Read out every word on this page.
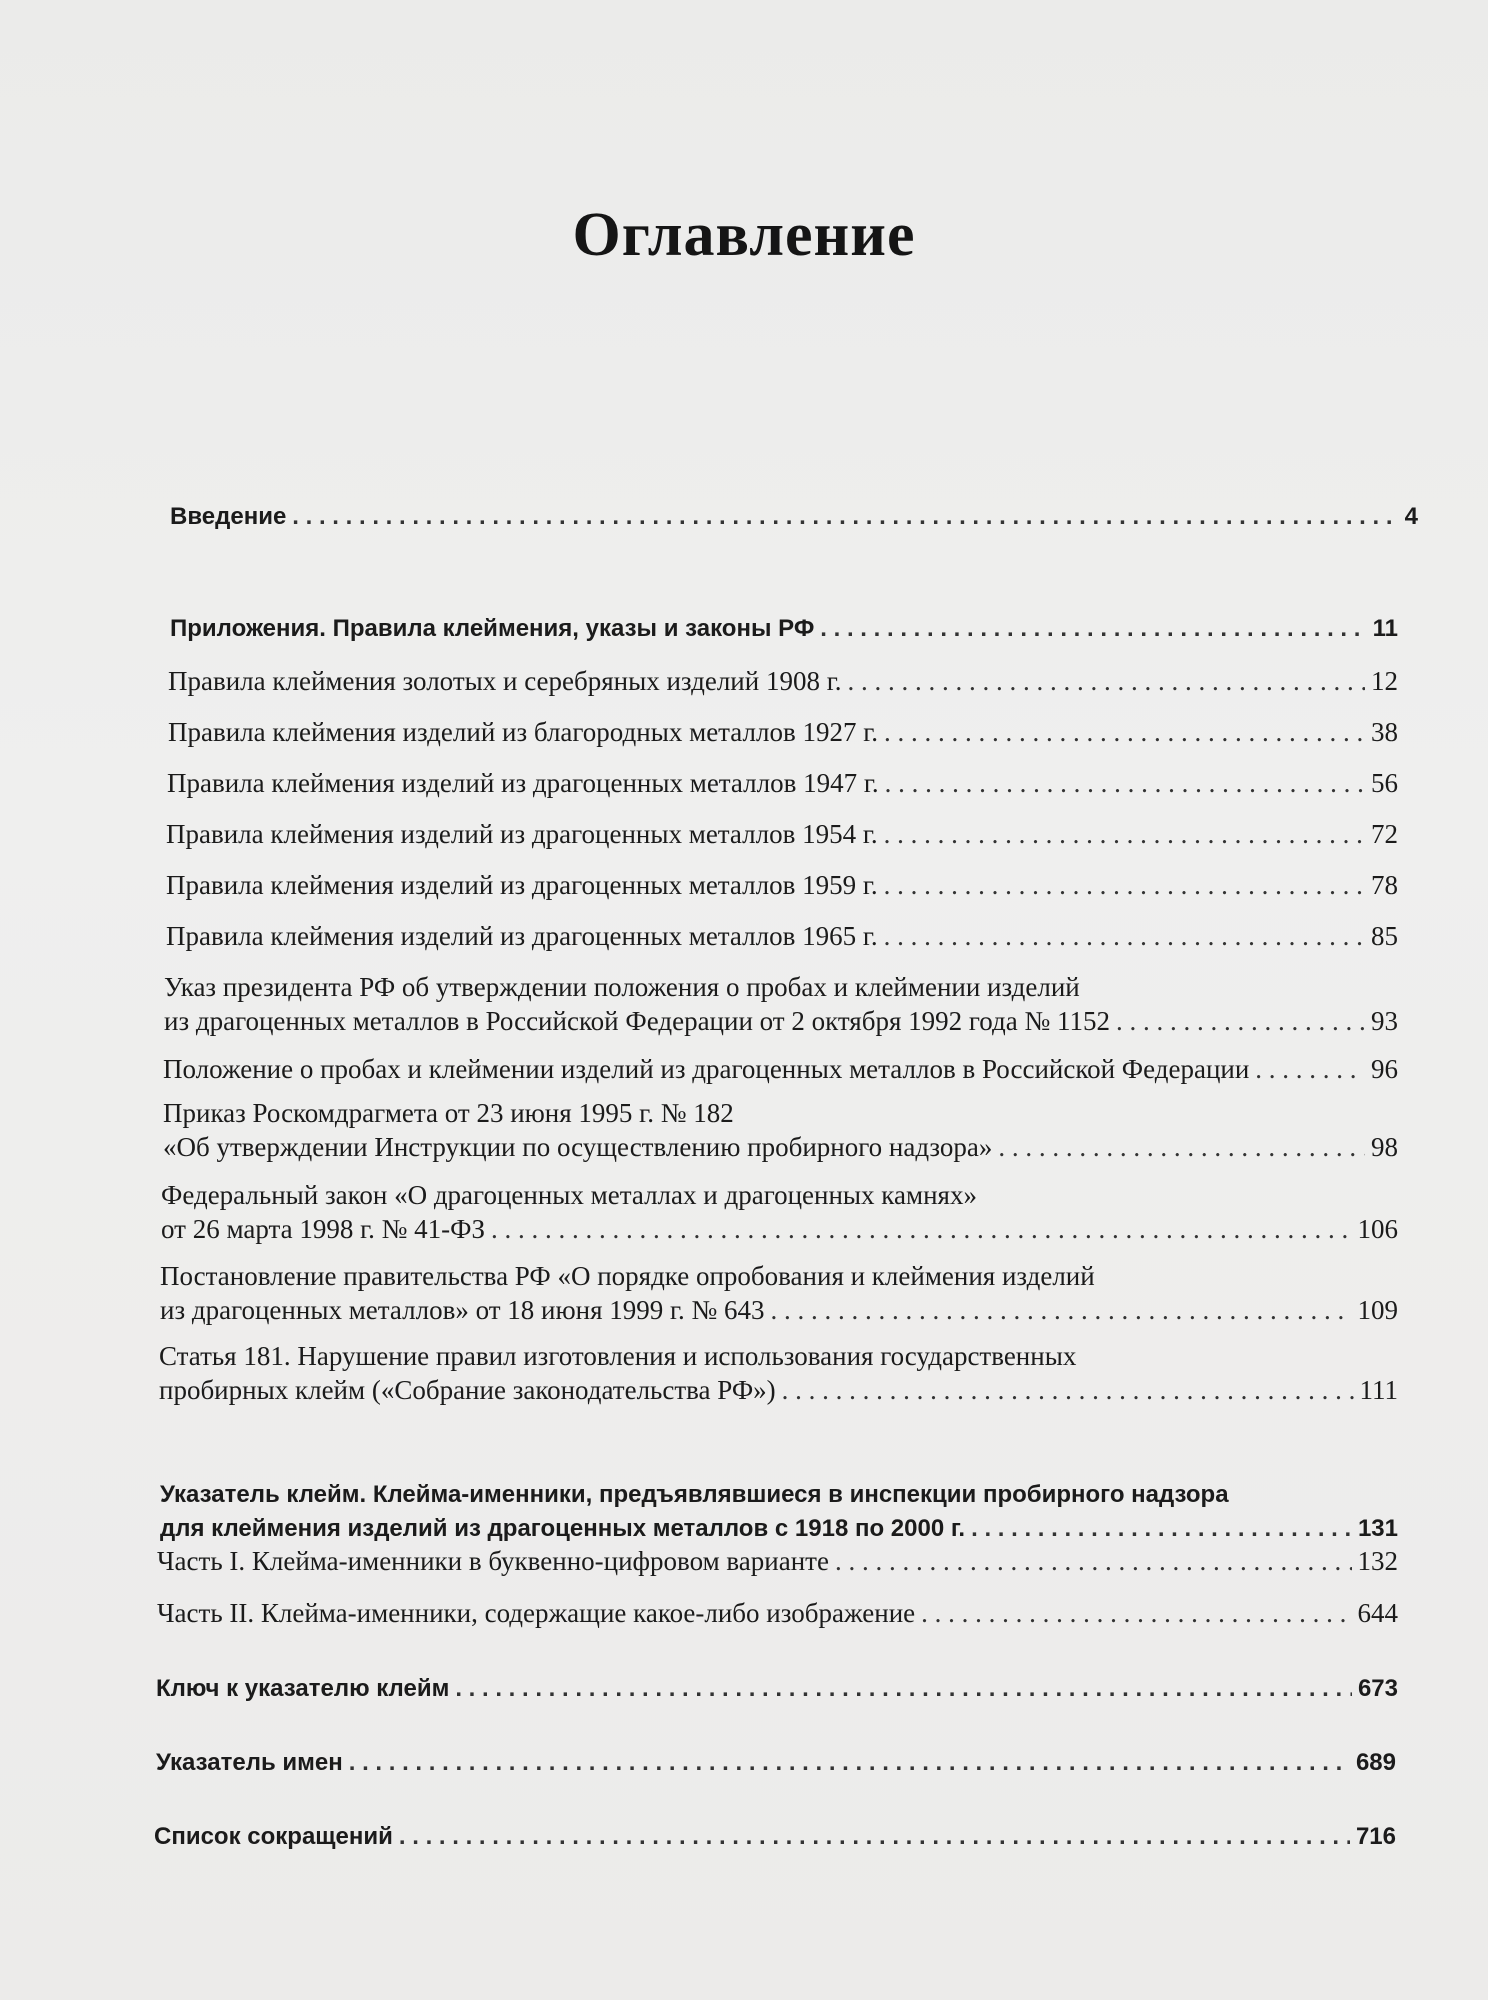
Оглавление
Введение . . .	4
Приложения. Правила клеймения, указы и законы РФ . . .	11
Правила клеймения золотых и серебряных изделий 1908 г. . . .	12
Правила клеймения изделий из благородных металлов 1927 г. . . .	38
Правила клеймения изделий из драгоценных металлов 1947 г. . . .	56
Правила клеймения изделий из драгоценных металлов 1954 г. . . .	72
Правила клеймения изделий из драгоценных металлов 1959 г. . . .	78
Правила клеймения изделий из драгоценных металлов 1965 г. . . .	85
Указ президента РФ об утверждении положения о пробах и клеймении изделий
из драгоценных металлов в Российской Федерации от 2 октября 1992 года № 1152 . . .	93
Положение о пробах и клеймении изделий из драгоценных металлов в Российской Федерации . . .	96
Приказ Роскомдрагмета от 23 июня 1995 г. № 182
«Об утверждении Инструкции по осуществлению пробирного надзора» . . .	98
Федеральный закон «О драгоценных металлах и драгоценных камнях»
от 26 марта 1998 г. № 41-ФЗ . . .	106
Постановление правительства РФ «О порядке опробования и клеймения изделий
из драгоценных металлов» от 18 июня 1999 г. № 643 . . .	109
Статья 181. Нарушение правил изготовления и использования государственных
пробирных клейм («Собрание законодательства РФ») . . .	111
Указатель клейм. Клейма-именники, предъявлявшиеся в инспекции пробирного надзора
для клеймения изделий из драгоценных металлов с 1918 по 2000 г. . . .	131
Часть I. Клейма-именники в буквенно-цифровом варианте . . .	132
Часть II. Клейма-именники, содержащие какое-либо изображение . . .	644
Ключ к указателю клейм . . .	673
Указатель имен . . .	689
Список сокращений . . .	716
